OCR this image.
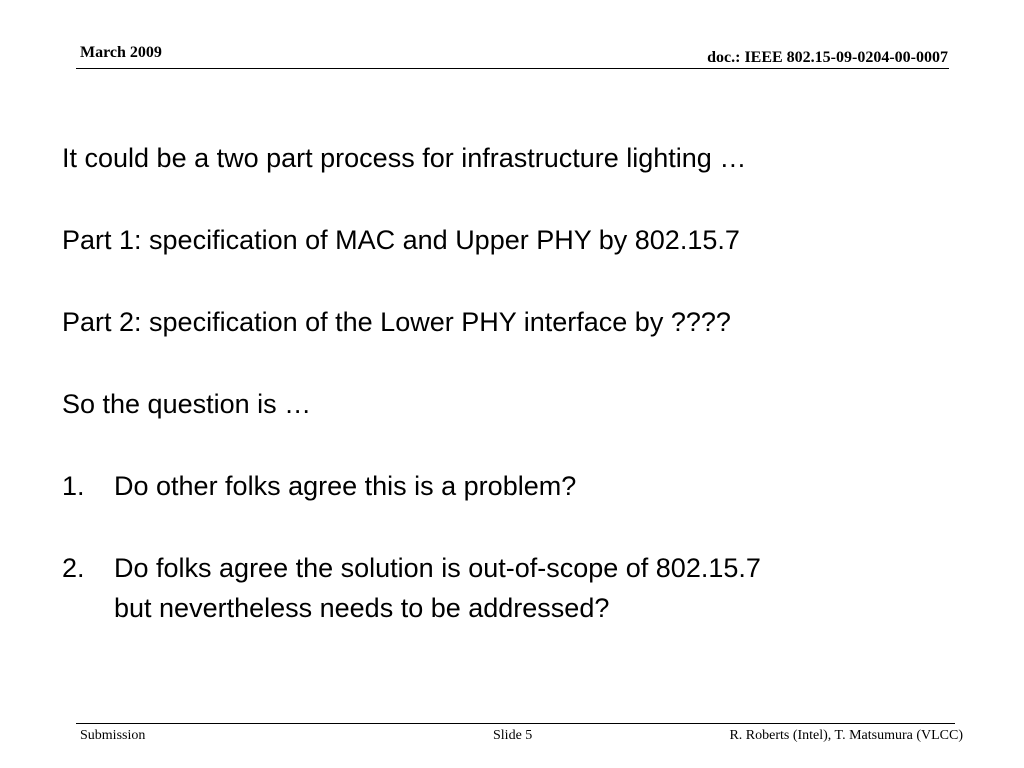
March 2009	doc.: IEEE 802.15-09-0204-00-0007
It could be a two part process for infrastructure lighting …
Part 1: specification of MAC and Upper PHY by 802.15.7
Part 2: specification of the Lower PHY interface by ????
So the question is …
1. Do other folks agree this is a problem?
2. Do folks agree the solution is out-of-scope of 802.15.7
but nevertheless needs to be addressed?
Submission	Slide 5	R. Roberts (Intel), T. Matsumura (VLCC)
